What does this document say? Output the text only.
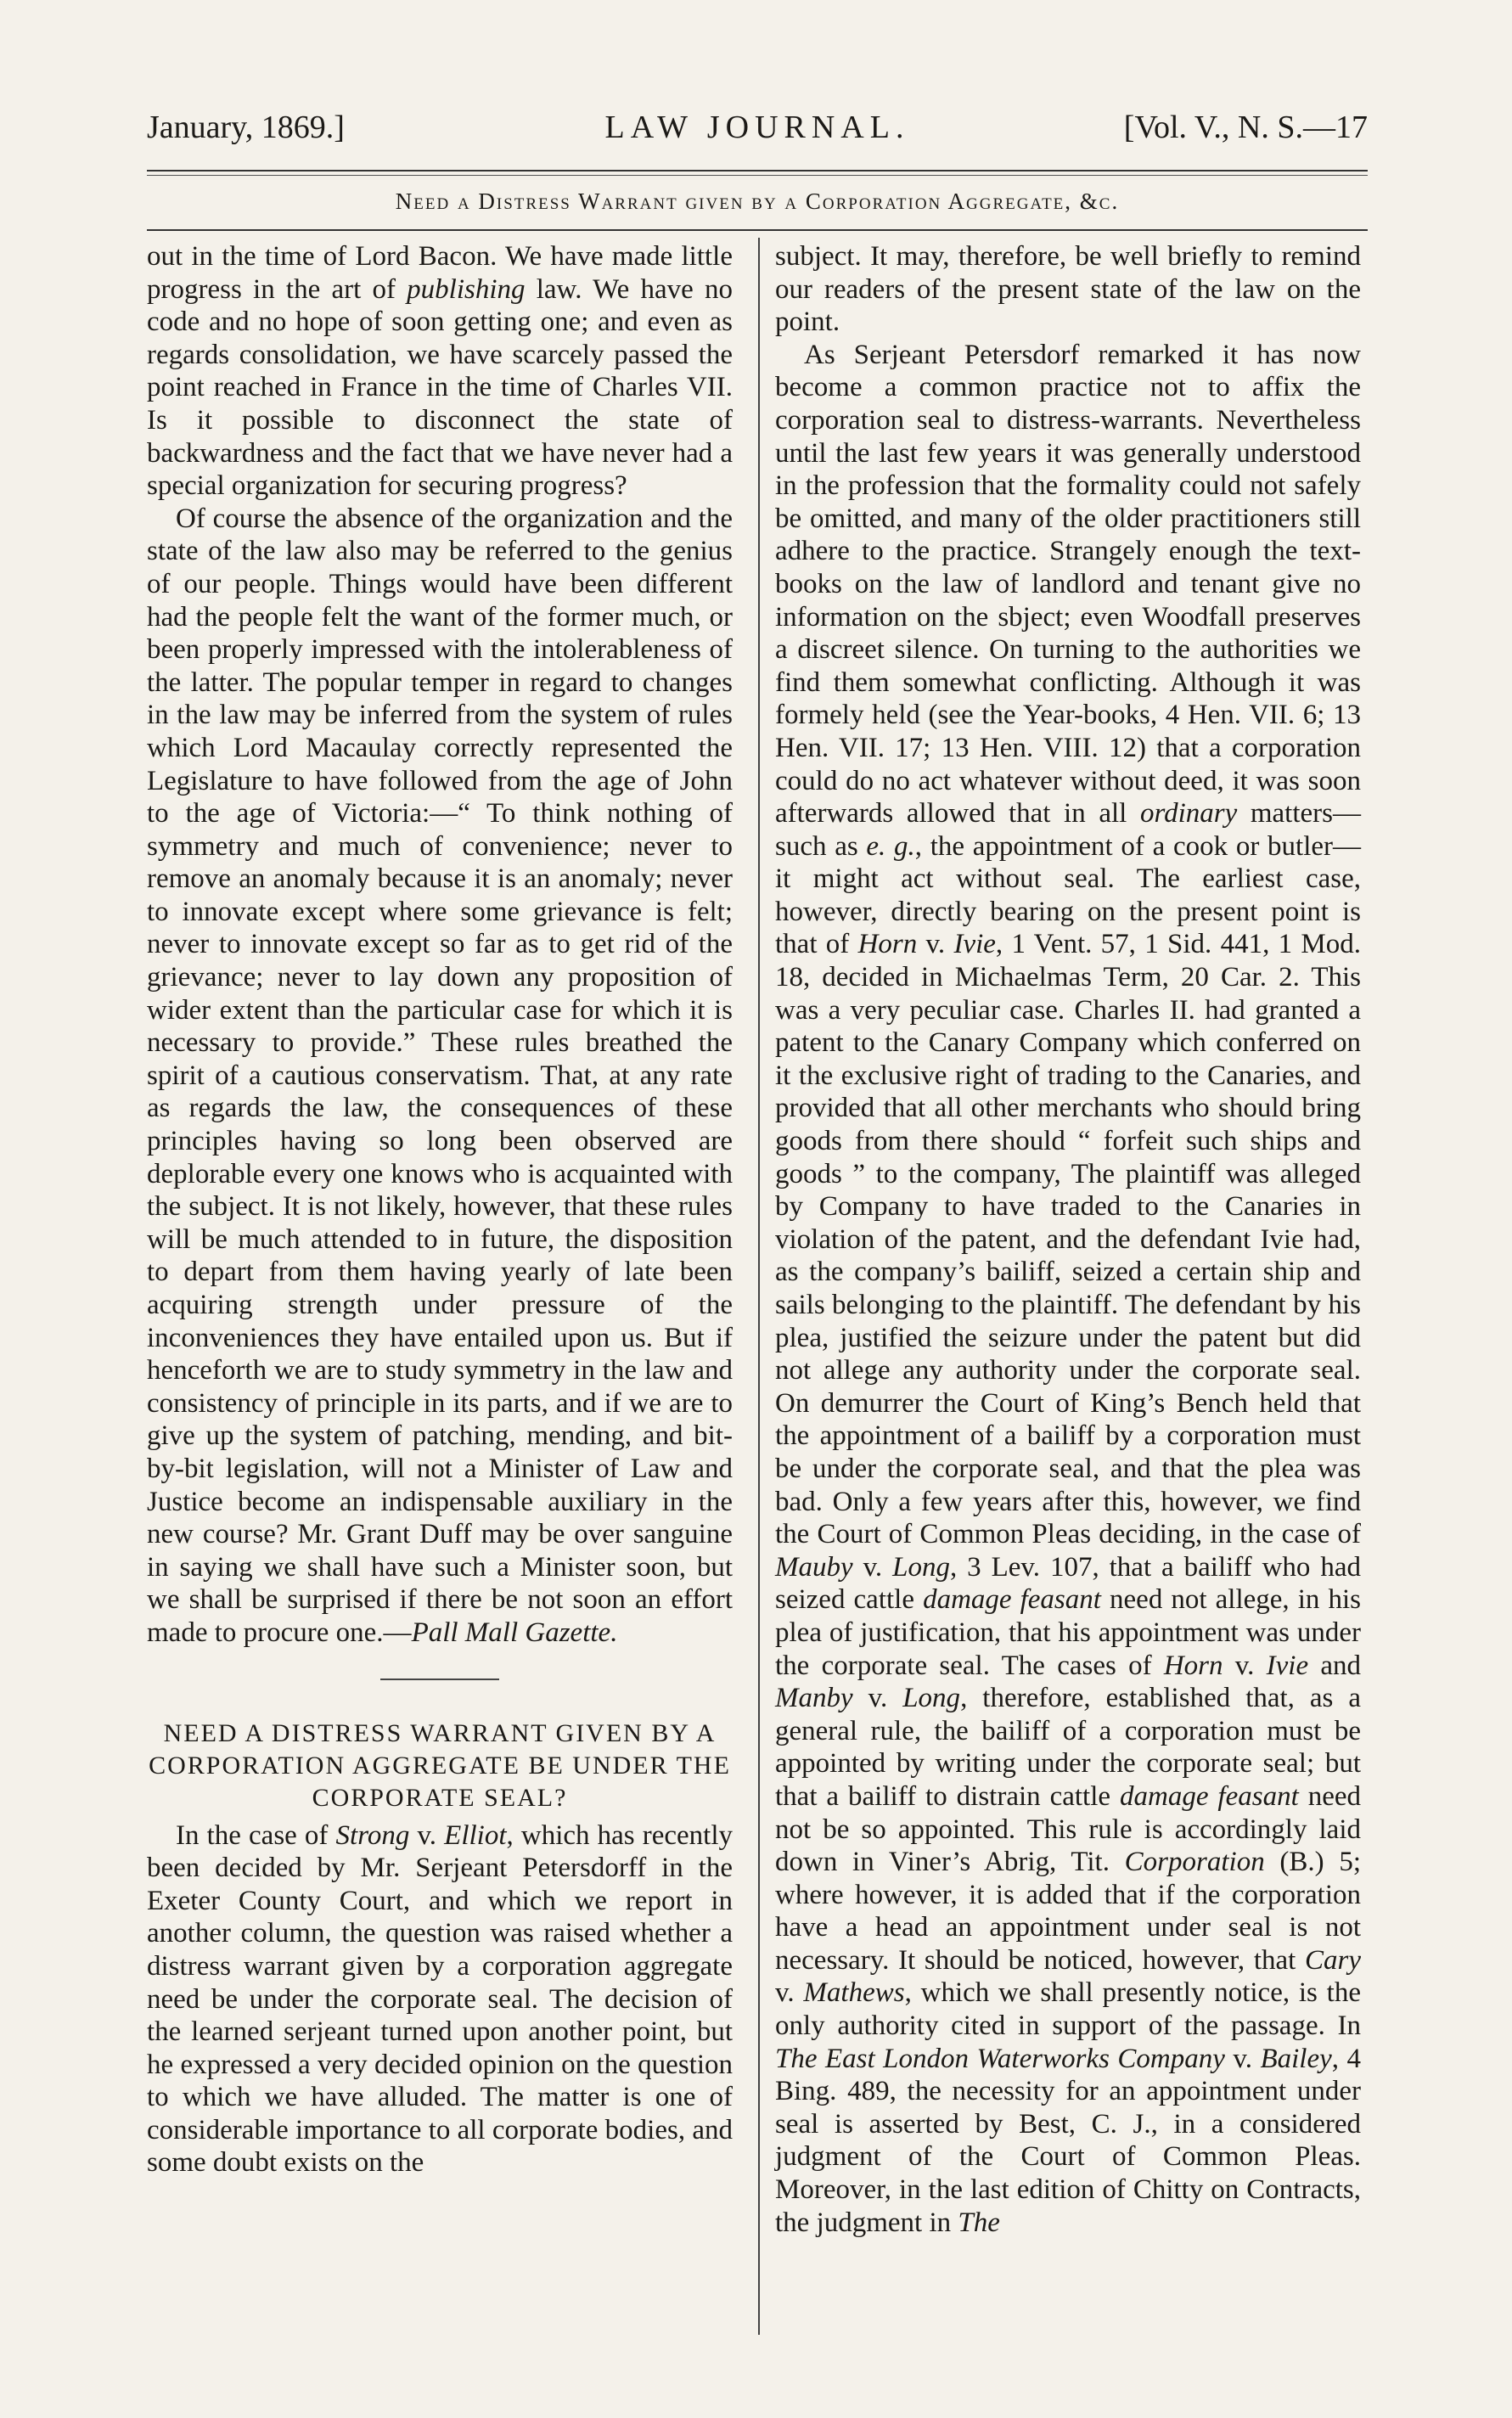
January, 1869.]	LAW JOURNAL.	[Vol. V., N. S.—17
Need a Distress Warrant given by a Corporation Aggregate, &c.

out in the time of Lord Bacon. We have made little progress in the art of publishing law. We have no code and no hope of soon getting one; and even as regards consolidation, we have scarcely passed the point reached in France in the time of Charles VII. Is it possible to disconnect the state of backwardness and the fact that we have never had a special organization for securing progress?

Of course the absence of the organization and the state of the law also may be referred to the genius of our people. Things would have been different had the people felt the want of the former much, or been properly impressed with the intolerableness of the latter. The popular temper in regard to changes in the law may be inferred from the system of rules which Lord Macaulay correctly represented the Legislature to have followed from the age of John to the age of Victoria:—“ To think nothing of symmetry and much of convenience; never to remove an anomaly because it is an anomaly; never to innovate except where some grievance is felt; never to innovate except so far as to get rid of the grievance; never to lay down any proposition of wider extent than the particular case for which it is necessary to provide.” These rules breathed the spirit of a cautious conservatism. That, at any rate as regards the law, the consequences of these principles having so long been observed are deplorable every one knows who is acquainted with the subject. It is not likely, however, that these rules will be much attended to in future, the disposition to depart from them having yearly of late been acquiring strength under pressure of the inconveniences they have entailed upon us. But if henceforth we are to study symmetry in the law and consistency of principle in its parts, and if we are to give up the system of patching, mending, and bit-by-bit legislation, will not a Minister of Law and Justice become an indispensable auxiliary in the new course? Mr. Grant Duff may be over sanguine in saying we shall have such a Minister soon, but we shall be surprised if there be not soon an effort made to procure one.—Pall Mall Gazette.

NEED A DISTRESS WARRANT GIVEN BY A CORPORATION AGGREGATE BE UNDER THE CORPORATE SEAL?

In the case of Strong v. Elliot, which has recently been decided by Mr. Serjeant Petersdorff in the Exeter County Court, and which we report in another column, the question was raised whether a distress warrant given by a corporation aggregate need be under the corporate seal. The decision of the learned serjeant turned upon another point, but he expressed a very decided opinion on the question to which we have alluded. The matter is one of considerable importance to all corporate bodies, and some doubt exists on the

subject. It may, therefore, be well briefly to remind our readers of the present state of the law on the point.

As Serjeant Petersdorf remarked it has now become a common practice not to affix the corporation seal to distress-warrants. Nevertheless until the last few years it was generally understood in the profession that the formality could not safely be omitted, and many of the older practitioners still adhere to the practice. Strangely enough the text-books on the law of landlord and tenant give no information on the sbject; even Woodfall preserves a discreet silence. On turning to the authorities we find them somewhat conflicting. Although it was formely held (see the Year-books, 4 Hen. VII. 6; 13 Hen. VII. 17; 13 Hen. VIII. 12) that a corporation could do no act whatever without deed, it was soon afterwards allowed that in all ordinary matters—such as e. g., the appointment of a cook or butler—it might act without seal. The earliest case, however, directly bearing on the present point is that of Horn v. Ivie, 1 Vent. 57, 1 Sid. 441, 1 Mod. 18, decided in Michaelmas Term, 20 Car. 2. This was a very peculiar case. Charles II. had granted a patent to the Canary Company which conferred on it the exclusive right of trading to the Canaries, and provided that all other merchants who should bring goods from there should “ forfeit such ships and goods ” to the company, The plaintiff was alleged by Company to have traded to the Canaries in violation of the patent, and the defendant Ivie had, as the company’s bailiff, seized a certain ship and sails belonging to the plaintiff. The defendant by his plea, justified the seizure under the patent but did not allege any authority under the corporate seal. On demurrer the Court of King’s Bench held that the appointment of a bailiff by a corporation must be under the corporate seal, and that the plea was bad. Only a few years after this, however, we find the Court of Common Pleas deciding, in the case of Mauby v. Long, 3 Lev. 107, that a bailiff who had seized cattle damage feasant need not allege, in his plea of justification, that his appointment was under the corporate seal. The cases of Horn v. Ivie and Manby v. Long, therefore, established that, as a general rule, the bailiff of a corporation must be appointed by writing under the corporate seal; but that a bailiff to distrain cattle damage feasant need not be so appointed. This rule is accordingly laid down in Viner’s Abrig, Tit. Corporation (B.) 5; where however, it is added that if the corporation have a head an appointment under seal is not necessary. It should be noticed, however, that Cary v. Mathews, which we shall presently notice, is the only authority cited in support of the passage. In The East London Waterworks Company v. Bailey, 4 Bing. 489, the necessity for an appointment under seal is asserted by Best, C. J., in a considered judgment of the Court of Common Pleas. Moreover, in the last edition of Chitty on Contracts, the judgment in The
